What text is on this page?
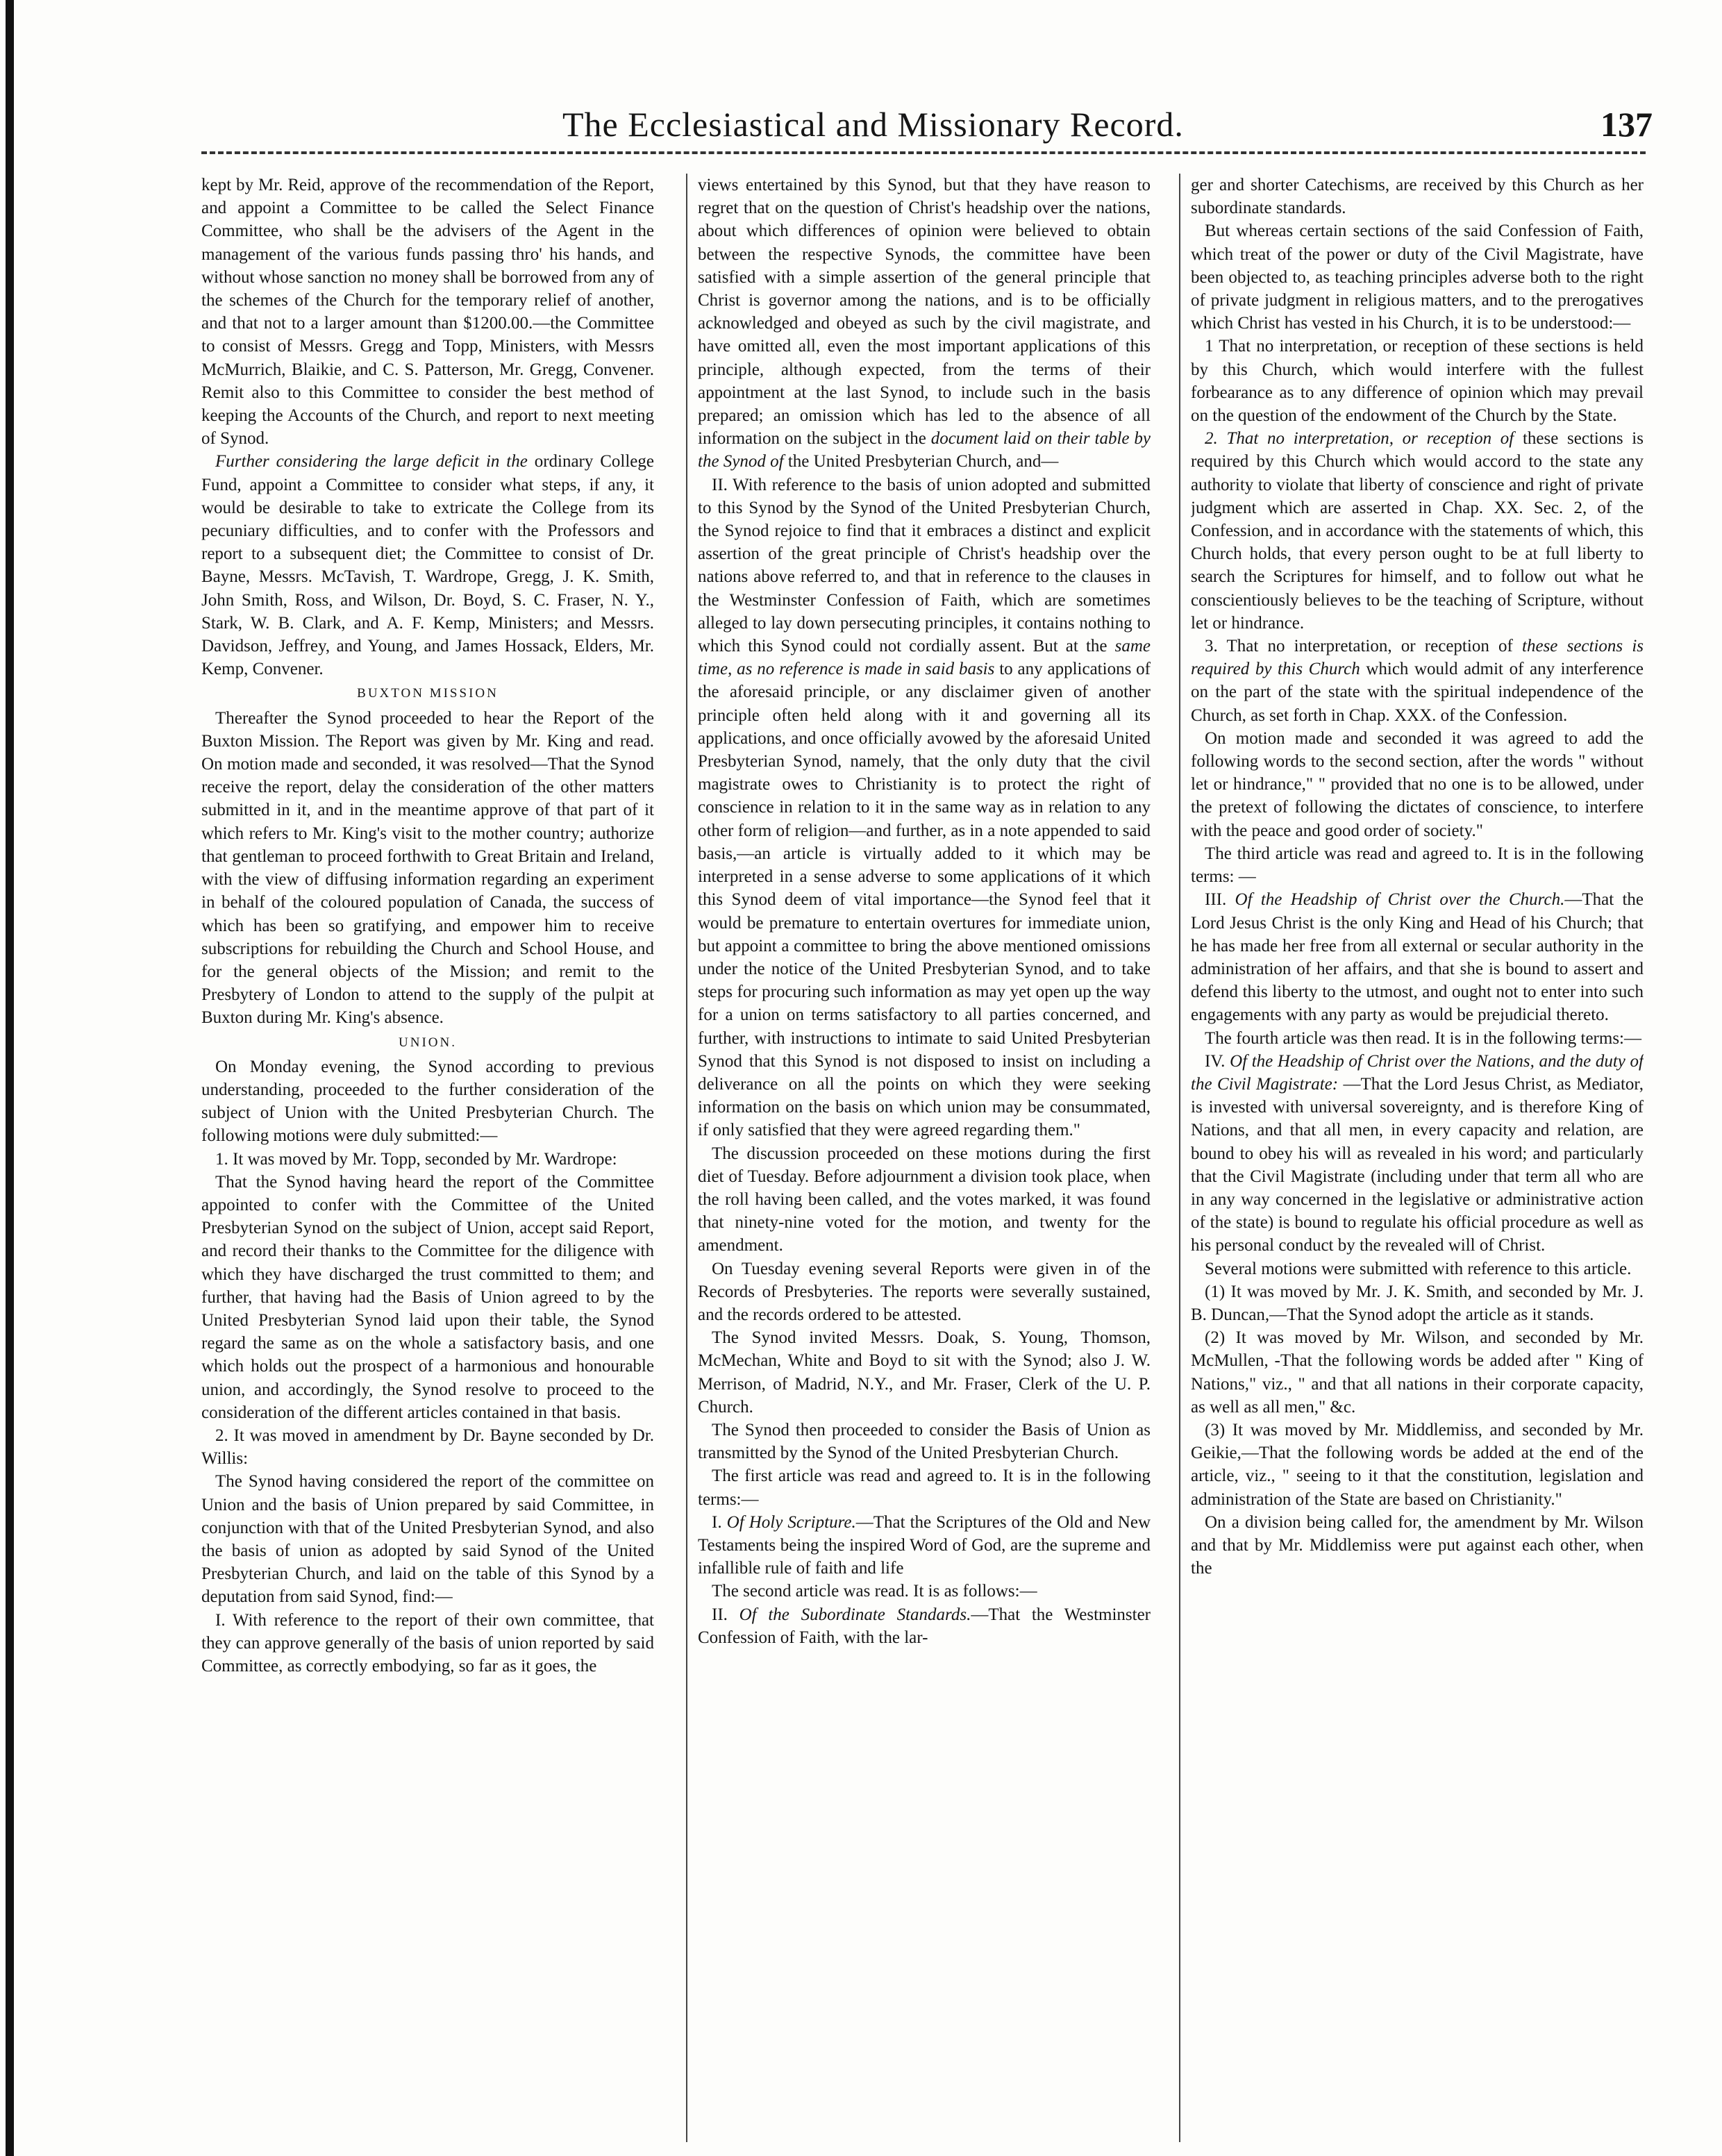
The Ecclesiastical and Missionary Record.	137

kept by Mr. Reid, approve of the recommendation of the Report, and appoint a Committee to be called the Select Finance Committee, who shall be the advisers of the Agent in the management of the various funds passing thro' his hands, and without whose sanction no money shall be borrowed from any of the schemes of the Church for the temporary relief of another, and that not to a larger amount than $1200.00.—the Committee to consist of Messrs. Gregg and Topp, Ministers, with Messrs McMurrich, Blaikie, and C. S. Patterson, Mr. Gregg, Convener. Remit also to this Committee to consider the best method of keeping the Accounts of the Church, and report to next meeting of Synod.

Further considering the large deficit in the ordinary College Fund, appoint a Committee to consider what steps, if any, it would be desirable to take to extricate the College from its pecuniary difficulties, and to confer with the Professors and report to a subsequent diet; the Committee to consist of Dr. Bayne, Messrs. McTavish, T. Wardrope, Gregg, J. K. Smith, John Smith, Ross, and Wilson, Dr. Boyd, S. C. Fraser, N. Y., Stark, W. B. Clark, and A. F. Kemp, Ministers; and Messrs. Davidson, Jeffrey, and Young, and James Hossack, Elders, Mr. Kemp, Convener.

BUXTON MISSION

Thereafter the Synod proceeded to hear the Report of the Buxton Mission. The Report was given by Mr. King and read. On motion made and seconded, it was resolved—That the Synod receive the report, delay the consideration of the other matters submitted in it, and in the meantime approve of that part of it which refers to Mr. King's visit to the mother country; authorize that gentleman to proceed forthwith to Great Britain and Ireland, with the view of diffusing information regarding an experiment in behalf of the coloured population of Canada, the success of which has been so gratifying, and empower him to receive subscriptions for rebuilding the Church and School House, and for the general objects of the Mission; and remit to the Presbytery of London to attend to the supply of the pulpit at Buxton during Mr. King's absence.

UNION.

On Monday evening, the Synod according to previous understanding, proceeded to the further consideration of the subject of Union with the United Presbyterian Church. The following motions were duly submitted:—

1. It was moved by Mr. Topp, seconded by Mr. Wardrope:

That the Synod having heard the report of the Committee appointed to confer with the Committee of the United Presbyterian Synod on the subject of Union, accept said Report, and record their thanks to the Committee for the diligence with which they have discharged the trust committed to them; and further, that having had the Basis of Union agreed to by the United Presbyterian Synod laid upon their table, the Synod regard the same as on the whole a satisfactory basis, and one which holds out the prospect of a harmonious and honourable union, and accordingly, the Synod resolve to proceed to the consideration of the different articles contained in that basis.

2. It was moved in amendment by Dr. Bayne seconded by Dr. Willis:

The Synod having considered the report of the committee on Union and the basis of Union prepared by said Committee, in conjunction with that of the United Presbyterian Synod, and also the basis of union as adopted by said Synod of the United Presbyterian Church, and laid on the table of this Synod by a deputation from said Synod, find:—

I. With reference to the report of their own committee, that they can approve generally of the basis of union reported by said Committee, as correctly embodying, so far as it goes, the

views entertained by this Synod, but that they have reason to regret that on the question of Christ's headship over the nations, about which differences of opinion were believed to obtain between the respective Synods, the committee have been satisfied with a simple assertion of the general principle that Christ is governor among the nations, and is to be officially acknowledged and obeyed as such by the civil magistrate, and have omitted all, even the most important applications of this principle, although expected, from the terms of their appointment at the last Synod, to include such in the basis prepared; an omission which has led to the absence of all information on the subject in the document laid on their table by the Synod of the United Presbyterian Church, and—

II. With reference to the basis of union adopted and submitted to this Synod by the Synod of the United Presbyterian Church, the Synod rejoice to find that it embraces a distinct and explicit assertion of the great principle of Christ's headship over the nations above referred to, and that in reference to the clauses in the Westminster Confession of Faith, which are sometimes alleged to lay down persecuting principles, it contains nothing to which this Synod could not cordially assent. But at the same time, as no reference is made in said basis to any applications of the aforesaid principle, or any disclaimer given of another principle often held along with it and governing all its applications, and once officially avowed by the aforesaid United Presbyterian Synod, namely, that the only duty that the civil magistrate owes to Christianity is to protect the right of conscience in relation to it in the same way as in relation to any other form of religion—and further, as in a note appended to said basis,—an article is virtually added to it which may be interpreted in a sense adverse to some applications of it which this Synod deem of vital importance—the Synod feel that it would be premature to entertain overtures for immediate union, but appoint a committee to bring the above mentioned omissions under the notice of the United Presbyterian Synod, and to take steps for procuring such information as may yet open up the way for a union on terms satisfactory to all parties concerned, and further, with instructions to intimate to said United Presbyterian Synod that this Synod is not disposed to insist on including a deliverance on all the points on which they were seeking information on the basis on which union may be consummated, if only satisfied that they were agreed regarding them."

The discussion proceeded on these motions during the first diet of Tuesday. Before adjournment a division took place, when the roll having been called, and the votes marked, it was found that ninety-nine voted for the motion, and twenty for the amendment.

On Tuesday evening several Reports were given in of the Records of Presbyteries. The reports were severally sustained, and the records ordered to be attested.

The Synod invited Messrs. Doak, S. Young, Thomson, McMechan, White and Boyd to sit with the Synod; also J. W. Merrison, of Madrid, N.Y., and Mr. Fraser, Clerk of the U. P. Church.

The Synod then proceeded to consider the Basis of Union as transmitted by the Synod of the United Presbyterian Church.

The first article was read and agreed to. It is in the following terms:—

I. Of Holy Scripture.—That the Scriptures of the Old and New Testaments being the inspired Word of God, are the supreme and infallible rule of faith and life

The second article was read. It is as follows:—

II. Of the Subordinate Standards.—That the Westminster Confession of Faith, with the lar-

ger and shorter Catechisms, are received by this Church as her subordinate standards.

But whereas certain sections of the said Confession of Faith, which treat of the power or duty of the Civil Magistrate, have been objected to, as teaching principles adverse both to the right of private judgment in religious matters, and to the prerogatives which Christ has vested in his Church, it is to be understood:—

1 That no interpretation, or reception of these sections is held by this Church, which would interfere with the fullest forbearance as to any difference of opinion which may prevail on the question of the endowment of the Church by the State.

2. That no interpretation, or reception of these sections is required by this Church which would accord to the state any authority to violate that liberty of conscience and right of private judgment which are asserted in Chap. XX. Sec. 2, of the Confession, and in accordance with the statements of which, this Church holds, that every person ought to be at full liberty to search the Scriptures for himself, and to follow out what he conscientiously believes to be the teaching of Scripture, without let or hindrance.

3. That no interpretation, or reception of these sections is required by this Church which would admit of any interference on the part of the state with the spiritual independence of the Church, as set forth in Chap. XXX. of the Confession.

On motion made and seconded it was agreed to add the following words to the second section, after the words " without let or hindrance," " provided that no one is to be allowed, under the pretext of following the dictates of conscience, to interfere with the peace and good order of society."

The third article was read and agreed to. It is in the following terms: —

III. Of the Headship of Christ over the Church.—That the Lord Jesus Christ is the only King and Head of his Church; that he has made her free from all external or secular authority in the administration of her affairs, and that she is bound to assert and defend this liberty to the utmost, and ought not to enter into such engagements with any party as would be prejudicial thereto.

The fourth article was then read. It is in the following terms:—

IV. Of the Headship of Christ over the Nations, and the duty of the Civil Magistrate: —That the Lord Jesus Christ, as Mediator, is invested with universal sovereignty, and is therefore King of Nations, and that all men, in every capacity and relation, are bound to obey his will as revealed in his word; and particularly that the Civil Magistrate (including under that term all who are in any way concerned in the legislative or administrative action of the state) is bound to regulate his official procedure as well as his personal conduct by the revealed will of Christ.

Several motions were submitted with reference to this article.

(1) It was moved by Mr. J. K. Smith, and seconded by Mr. J. B. Duncan,—That the Synod adopt the article as it stands.

(2) It was moved by Mr. Wilson, and seconded by Mr. McMullen, -That the following words be added after " King of Nations," viz., " and that all nations in their corporate capacity, as well as all men," &c.

(3) It was moved by Mr. Middlemiss, and seconded by Mr. Geikie,—That the following words be added at the end of the article, viz., " seeing to it that the constitution, legislation and administration of the State are based on Christianity."

On a division being called for, the amendment by Mr. Wilson and that by Mr. Middlemiss were put against each other, when the
